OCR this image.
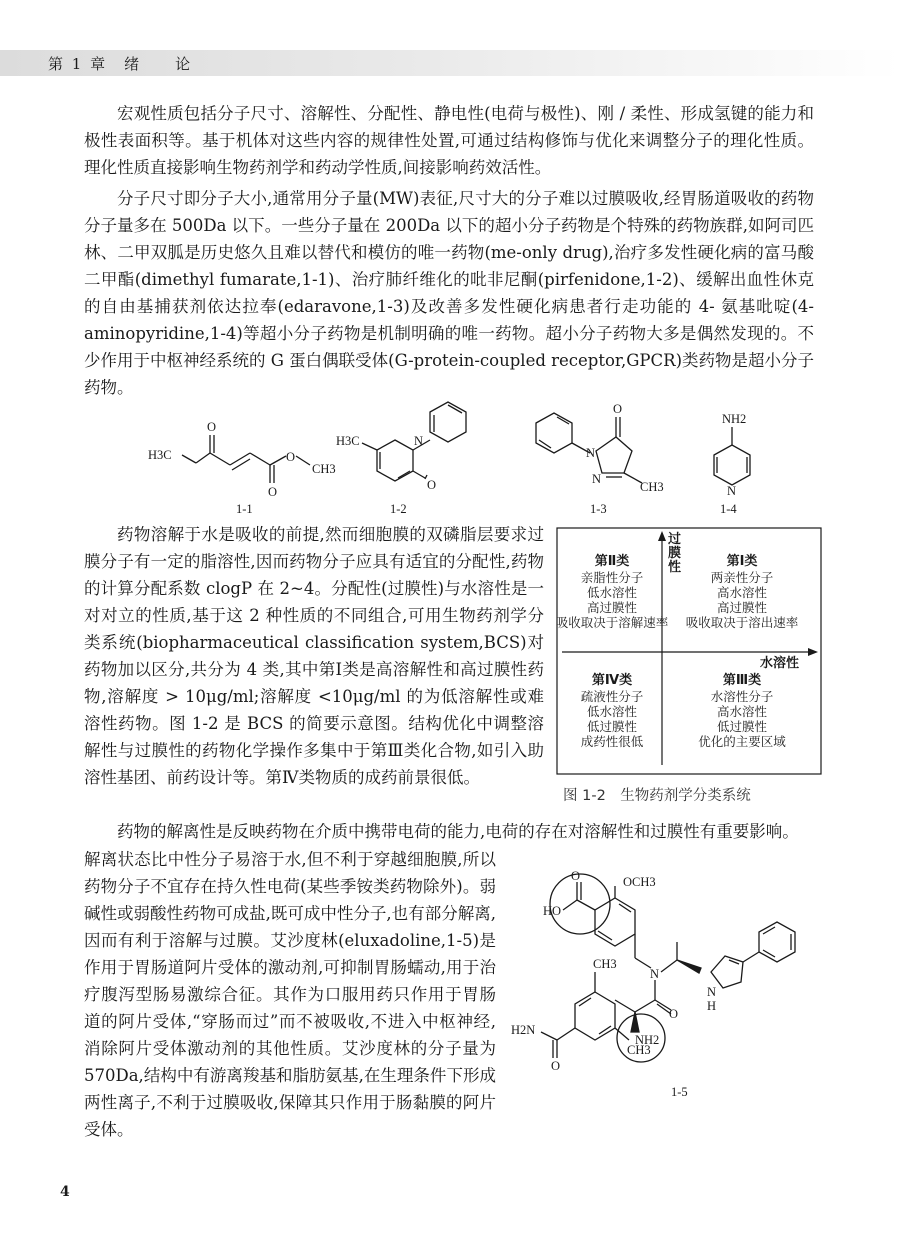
第 1 章　绪　　论

宏观性质包括分子尺寸、溶解性、分配性、静电性(电荷与极性)、刚 / 柔性、形成氢键的能力和极性表面积等。基于机体对这些内容的规律性处置,可通过结构修饰与优化来调整分子的理化性质。理化性质直接影响生物药剂学和药动学性质,间接影响药效活性。

分子尺寸即分子大小,通常用分子量(MW)表征,尺寸大的分子难以过膜吸收,经胃肠道吸收的药物分子量多在 500Da 以下。一些分子量在 200Da 以下的超小分子药物是个特殊的药物族群,如阿司匹林、二甲双胍是历史悠久且难以替代和模仿的唯一药物(me-only drug),治疗多发性硬化病的富马酸二甲酯(dimethyl fumarate,1-1)、治疗肺纤维化的吡非尼酮(pirfenidone,1-2)、缓解出血性休克的自由基捕获剂依达拉奉(edaravone,1-3)及改善多发性硬化病患者行走功能的 4- 氨基吡啶(4-aminopyridine,1-4)等超小分子药物是机制明确的唯一药物。超小分子药物大多是偶然发现的。不少作用于中枢神经系统的 G 蛋白偶联受体(G-protein-coupled receptor,GPCR)类药物是超小分子药物。

H3C
O
O
O
CH3
1-1
H3C	N
O
1-2
O
N
N
CH3
1-3
NH2
N
1-4

药物溶解于水是吸收的前提,然而细胞膜的双磷脂层要求过膜分子有一定的脂溶性,因而药物分子应具有适宜的分配性,药物的计算分配系数 clogP 在 2~4。分配性(过膜性)与水溶性是一对对立的性质,基于这 2 种性质的不同组合,可用生物药剂学分类系统(biopharmaceutical classification system,BCS)对药物加以区分,共分为 4 类,其中第Ⅰ类是高溶解性和高过膜性药物,溶解度 > 10μg/ml;溶解度 <10μg/ml 的为低溶解性或难溶性药物。图 1-2 是 BCS 的简要示意图。结构优化中调整溶解性与过膜性的药物化学操作多集中于第Ⅲ类化合物,如引入助溶性基团、前药设计等。第Ⅳ类物质的成药前景很低。

过膜性
水溶性
第Ⅱ类
亲脂性分子
低水溶性
高过膜性
吸收取决于溶解速率
第Ⅰ类
两亲性分子
高水溶性
高过膜性
吸收取决于溶出速率
第Ⅳ类
疏液性分子
低水溶性
低过膜性
成药性很低
第Ⅲ类
水溶性分子
高水溶性
低过膜性
优化的主要区域
图 1-2　生物药剂学分类系统

药物的解离性是反映药物在介质中携带电荷的能力,电荷的存在对溶解性和过膜性有重要影响。

解离状态比中性分子易溶于水,但不利于穿越细胞膜,所以药物分子不宜存在持久性电荷(某些季铵类药物除外)。弱碱性或弱酸性药物可成盐,既可成中性分子,也有部分解离,因而有利于溶解与过膜。艾沙度林(eluxadoline,1-5)是作用于胃肠道阿片受体的激动剂,可抑制胃肠蠕动,用于治疗腹泻型肠易激综合征。其作为口服用药只作用于胃肠道的阿片受体,“穿肠而过”而不被吸收,不进入中枢神经,消除阿片受体激动剂的其他性质。艾沙度林的分子量为 570Da,结构中有游离羧基和脂肪氨基,在生理条件下形成两性离子,不利于过膜吸收,保障其只作用于肠黏膜的阿片受体。

OCH3
O
HO
N
N
H
CH3
O
CH3
NH2
H2N
O
1-5
4
